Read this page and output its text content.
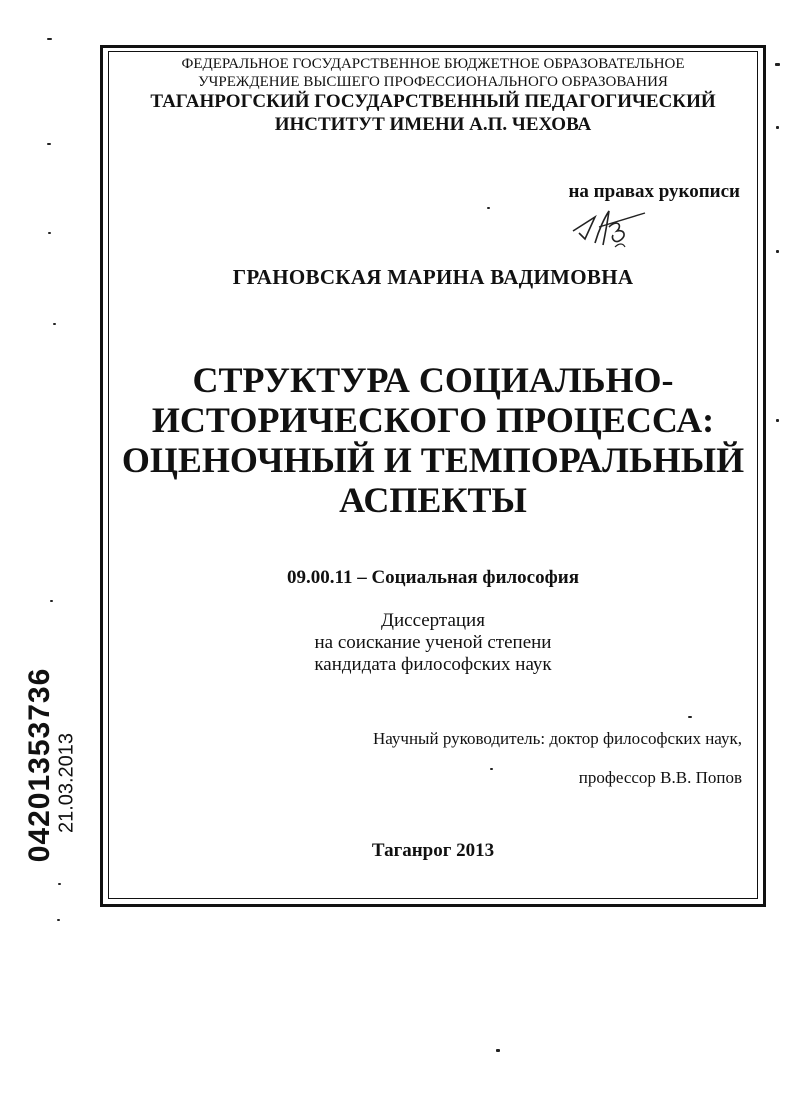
ФЕДЕРАЛЬНОЕ ГОСУДАРСТВЕННОЕ БЮДЖЕТНОЕ ОБРАЗОВАТЕЛЬНОЕ
УЧРЕЖДЕНИЕ ВЫСШЕГО ПРОФЕССИОНАЛЬНОГО ОБРАЗОВАНИЯ
ТАГАНРОГСКИЙ ГОСУДАРСТВЕННЫЙ ПЕДАГОГИЧЕСКИЙ
ИНСТИТУТ ИМЕНИ А.П. ЧЕХОВА
на правах рукописи
ГРАНОВСКАЯ МАРИНА ВАДИМОВНА
СТРУКТУРА СОЦИАЛЬНО-
ИСТОРИЧЕСКОГО ПРОЦЕССА:
ОЦЕНОЧНЫЙ И ТЕМПОРАЛЬНЫЙ
АСПЕКТЫ
09.00.11 – Социальная философия
Диссертация
на соискание ученой степени
кандидата философских наук
Научный руководитель: доктор философских наук,
профессор В.В. Попов
Таганрог 2013
04201353736 21.03.2013
